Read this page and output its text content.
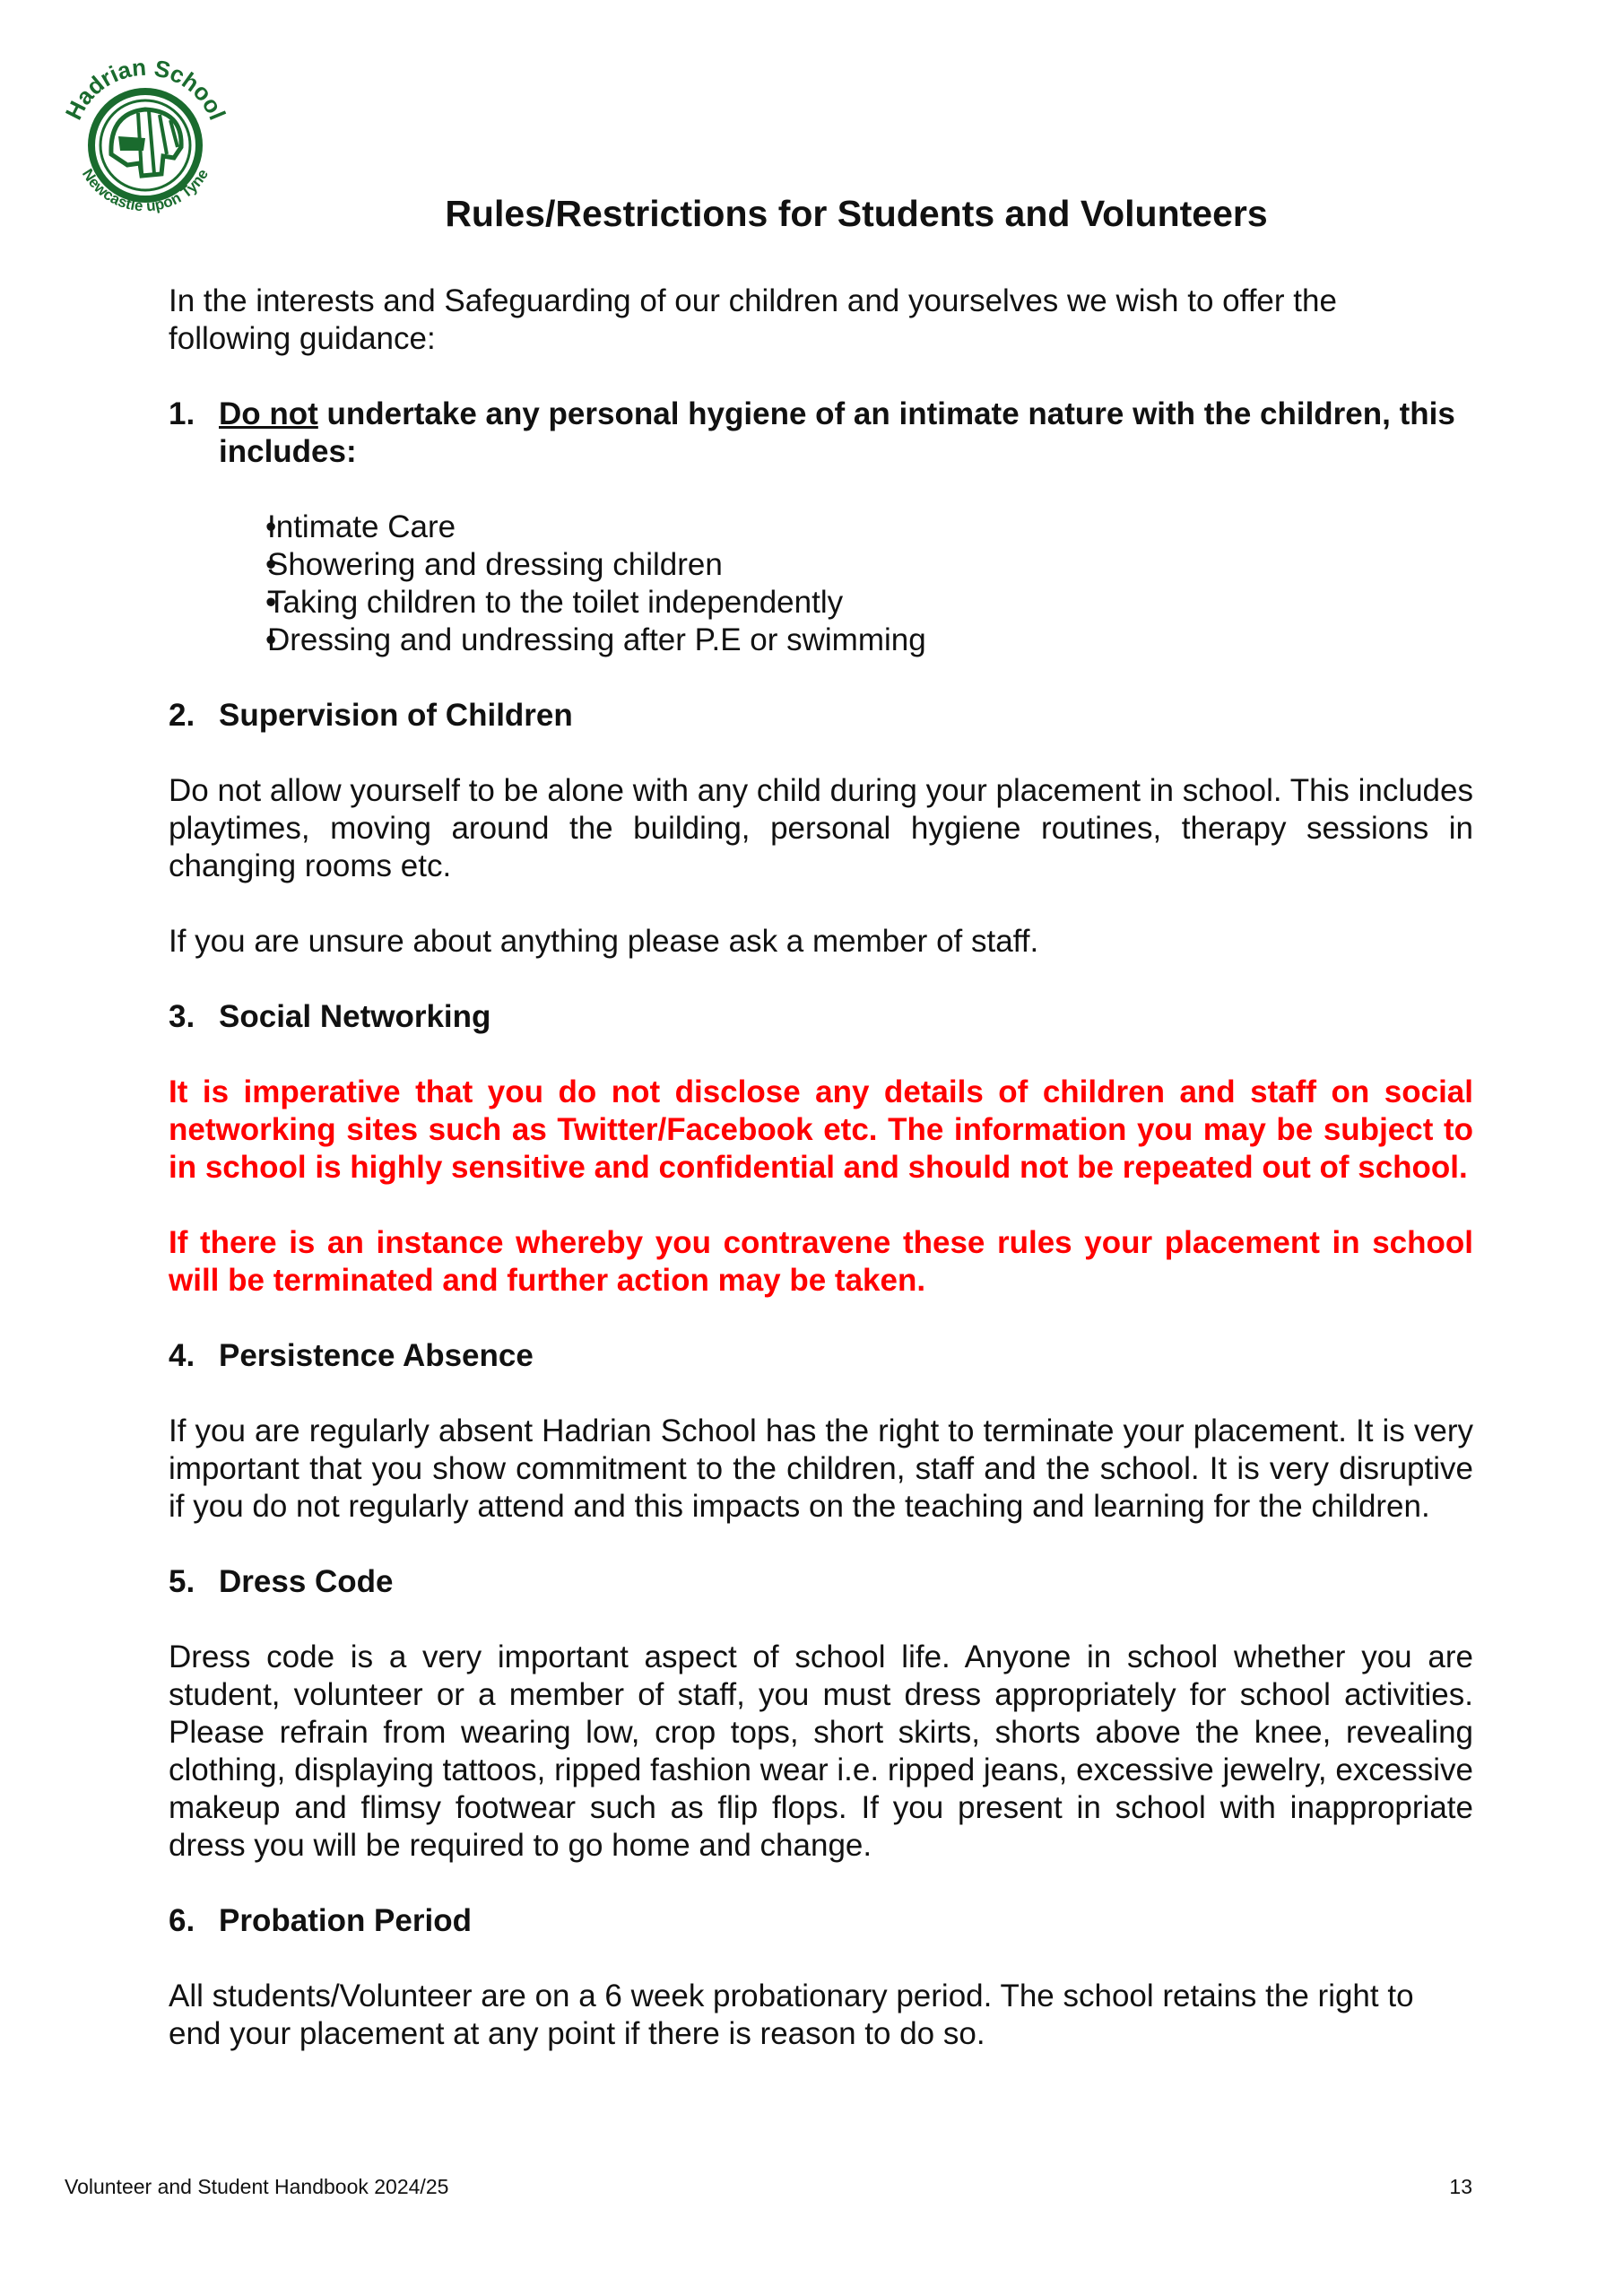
Hadrian School
Newcastle upon Tyne
Rules/Restrictions for Students and Volunteers

In the interests and Safeguarding of our children and yourselves we wish to offer the following guidance:

1. Do not undertake any personal hygiene of an intimate nature with the children, this includes:
•
Intimate Care
•
Showering and dressing children
•
Taking children to the toilet independently
•
Dressing and undressing after P.E or swimming
2. Supervision of Children

Do not allow yourself to be alone with any child during your placement in school. This includes playtimes, moving around the building, personal hygiene routines, therapy sessions in changing rooms etc.

If you are unsure about anything please ask a member of staff.

3. Social Networking

It is imperative that you do not disclose any details of children and staff on social networking sites such as Twitter/Facebook etc. The information you may be subject to in school is highly sensitive and confidential and should not be repeated out of school.

If there is an instance whereby you contravene these rules your placement in school will be terminated and further action may be taken.

4. Persistence Absence

If you are regularly absent Hadrian School has the right to terminate your placement. It is very important that you show commitment to the children, staff and the school. It is very disruptive if you do not regularly attend and this impacts on the teaching and learning for the children.

5. Dress Code

Dress code is a very important aspect of school life. Anyone in school whether you are student, volunteer or a member of staff, you must dress appropriately for school activities. Please refrain from wearing low, crop tops, short skirts, shorts above the knee, revealing clothing, displaying tattoos, ripped fashion wear i.e. ripped jeans, excessive jewelry, excessive makeup and flimsy footwear such as flip flops. If you present in school with inappropriate dress you will be required to go home and change.

6. Probation Period

All students/Volunteer are on a 6 week probationary period. The school retains the right to end your placement at any point if there is reason to do so.

Volunteer and Student Handbook 2024/25	13
